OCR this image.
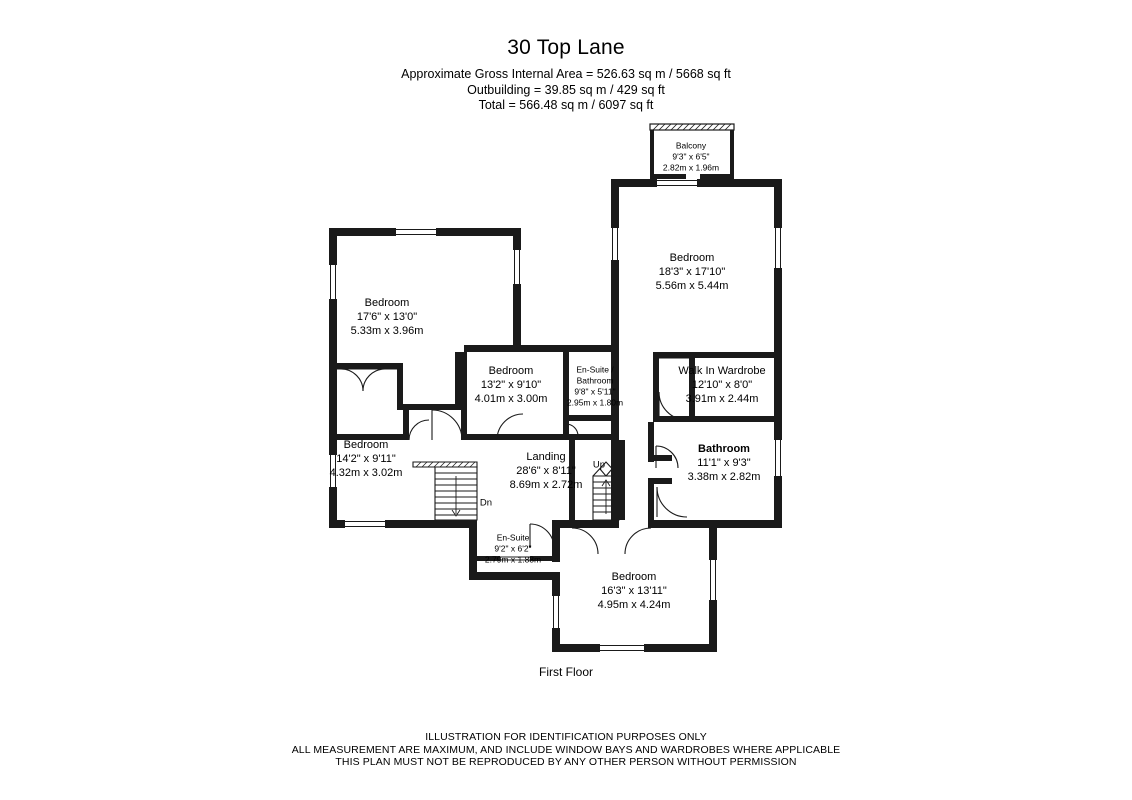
30 Top Lane
Approximate Gross Internal Area = 526.63 sq m / 5668 sq ft
Outbuilding = 39.85 sq m / 429 sq ft
Total = 566.48 sq m / 6097 sq ft
Balcony
9'3" x 6'5"
2.82m x 1.96m
Bedroom
18'3" x 17'10"
5.56m x 5.44m
Bedroom
17'6" x 13'0"
5.33m x 3.96m
Bedroom
13'2" x 9'10"
4.01m x 3.00m
En-Suite /
Bathroom
9'8" x 5'11"
2.95m x 1.80m
Walk In Wardrobe
12'10" x 8'0"
3.91m x 2.44m
Bedroom
14'2" x 9'11"
4.32m x 3.02m
Landing
28'6" x 8'11"
8.69m x 2.72m
Bathroom
11'1" x 9'3"
3.38m x 2.82m
En-Suite
9'2" x 6'2"
2.79m x 1.88m
Bedroom
16'3" x 13'11"
4.95m x 4.24m
Up
Dn
First Floor
ILLUSTRATION FOR IDENTIFICATION PURPOSES ONLY
ALL MEASUREMENT ARE MAXIMUM, AND INCLUDE WINDOW BAYS AND WARDROBES WHERE APPLICABLE
THIS PLAN MUST NOT BE REPRODUCED BY ANY OTHER PERSON WITHOUT PERMISSION
